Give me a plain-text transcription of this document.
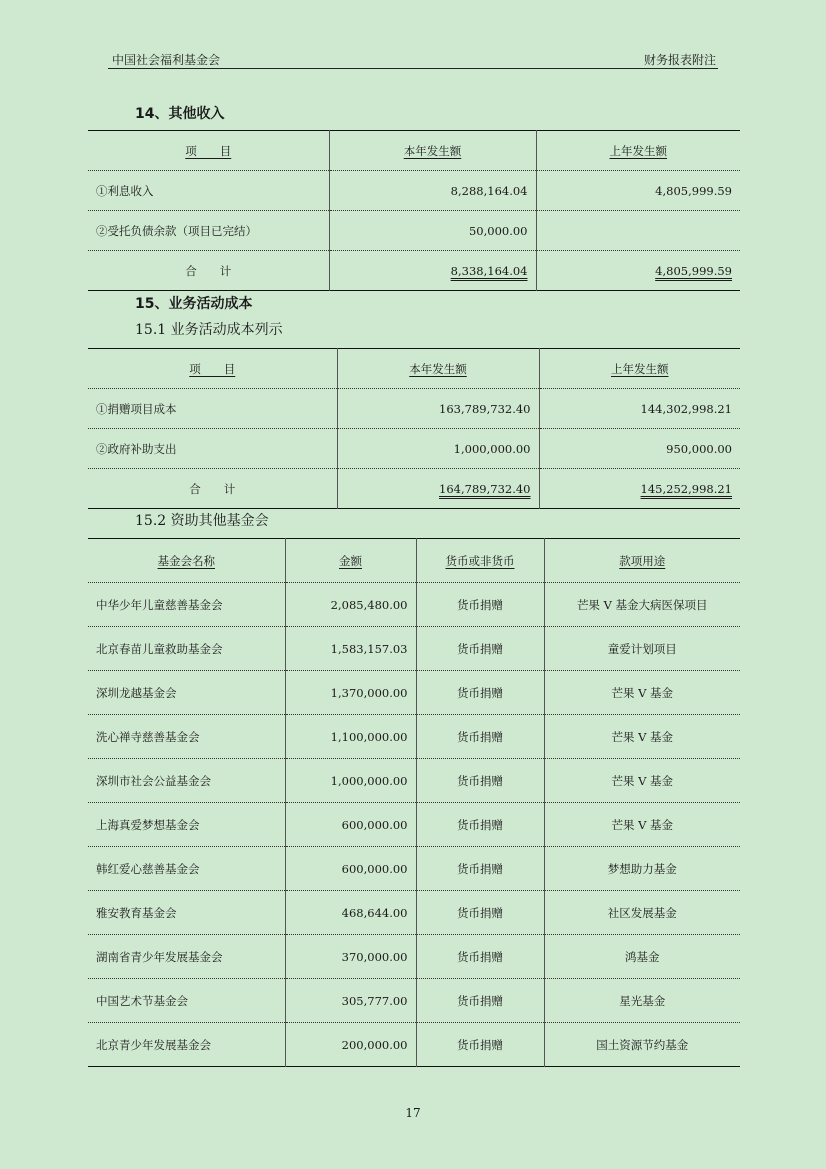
中国社会福利基金会	财务报表附注
14、其他收入
项　　目	本年发生额	上年发生额
①利息收入	8,288,164.04	4,805,999.59
②受托负债余款（项目已完结）	50,000.00	
合　　计	8,338,164.04	4,805,999.59
15、业务活动成本
15.1 业务活动成本列示
项　　目	本年发生额	上年发生额
①捐赠项目成本	163,789,732.40	144,302,998.21
②政府补助支出	1,000,000.00	950,000.00
合　　计	164,789,732.40	145,252,998.21
15.2 资助其他基金会
基金会名称	金额	货币或非货币	款项用途
中华少年儿童慈善基金会	2,085,480.00	货币捐赠	芒果 V 基金大病医保项目
北京春苗儿童救助基金会	1,583,157.03	货币捐赠	童爱计划项目
深圳龙越基金会	1,370,000.00	货币捐赠	芒果 V 基金
洗心禅寺慈善基金会	1,100,000.00	货币捐赠	芒果 V 基金
深圳市社会公益基金会	1,000,000.00	货币捐赠	芒果 V 基金
上海真爱梦想基金会	600,000.00	货币捐赠	芒果 V 基金
韩红爱心慈善基金会	600,000.00	货币捐赠	梦想助力基金
雅安教育基金会	468,644.00	货币捐赠	社区发展基金
湖南省青少年发展基金会	370,000.00	货币捐赠	鸿基金
中国艺术节基金会	305,777.00	货币捐赠	星光基金
北京青少年发展基金会	200,000.00	货币捐赠	国土资源节约基金
17
